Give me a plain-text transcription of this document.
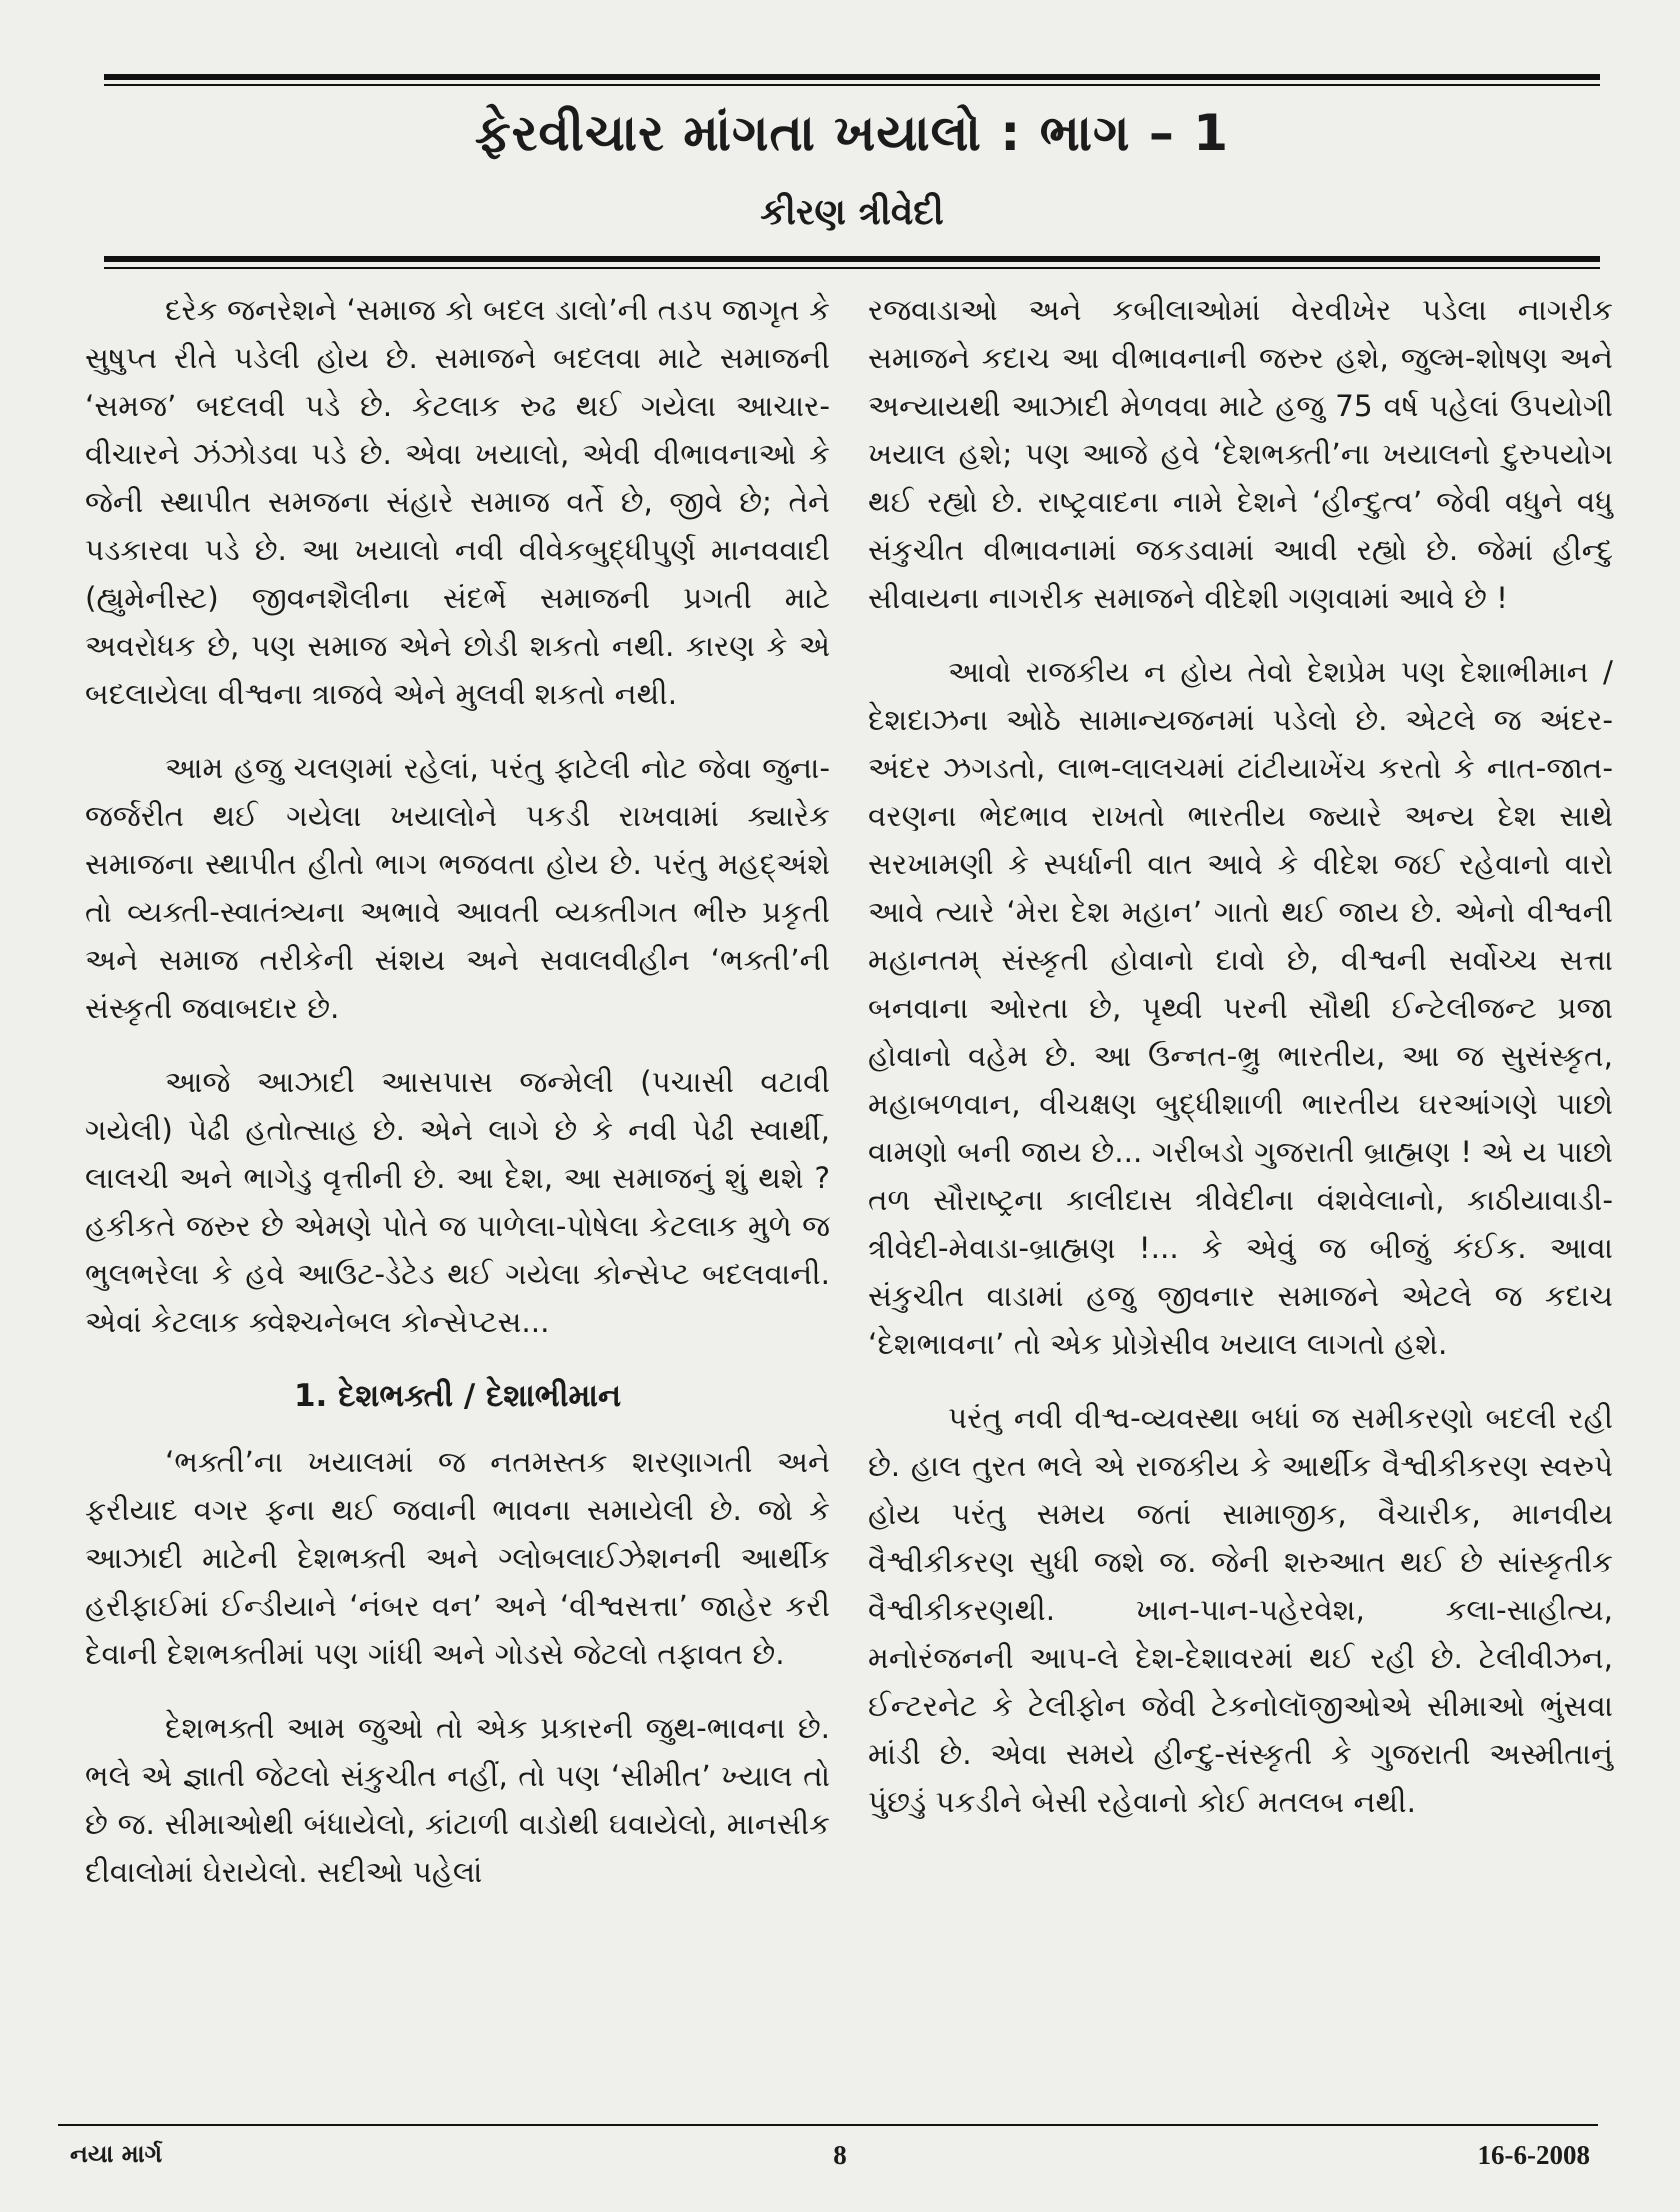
ફેરવીચાર માંગતા ખયાલો : ભાગ – 1
કીરણ ત્રીવેદી

દરેક જનરેશને ‘સમાજ કો બદલ ડાલો’ની તડપ જાગૃત કે સુષુપ્ત રીતે પડેલી હોય છે. સમાજને બદલવા માટે સમાજની ‘સમજ’ બદલવી પડે છે. કેટલાક રુઢ થઈ ગયેલા આચાર- વીચારને ઝંઝોડવા પડે છે. એવા ખયાલો, એવી વીભાવનાઓ કે જેની સ્થાપીત સમજના સંહારે સમાજ વર્તે છે, જીવે છે; તેને પડકારવા પડે છે. આ ખયાલો નવી વીવેકબુદ્ધીપુર્ણ માનવવાદી (હ્યુમેનીસ્ટ) જીવનશૈલીના સંદર્ભે સમાજની પ્રગતી માટે અવરોધક છે, પણ સમાજ એને છોડી શકતો નથી. કારણ કે એ બદલાયેલા વીશ્વના ત્રાજવે એને મુલવી શકતો નથી.

આમ હજુ ચલણમાં રહેલાં, પરંતુ ફાટેલી નોટ જેવા જુના-જર્જરીત થઈ ગયેલા ખયાલોને પકડી રાખવામાં ક્યારેક સમાજના સ્થાપીત હીતો ભાગ ભજવતા હોય છે. પરંતુ મહદ્અંશે તો વ્યક્તી-સ્વાતંત્ર્યના અભાવે આવતી વ્યક્તીગત ભીરુ પ્રકૃતી અને સમાજ તરીકેની સંશય અને સવાલવીહીન ‘ભક્તી’ની સંસ્કૃતી જવાબદાર છે.

આજે આઝાદી આસપાસ જન્મેલી (પચાસી વટાવી ગયેલી) પેઢી હતોત્સાહ છે. એને લાગે છે કે નવી પેઢી સ્વાર્થી, લાલચી અને ભાગેડુ વૃત્તીની છે. આ દેશ, આ સમાજનું શું થશે ? હકીકતે જરુર છે એમણે પોતે જ પાળેલા-પોષેલા કેટલાક મુળે જ ભુલભરેલા કે હવે આઉટ-ડેટેડ થઈ ગયેલા કોન્સેપ્ટ બદલવાની. એવાં કેટલાક ક્વેશ્ચનેબલ કોન્સેપ્ટસ...

1. દેશભક્તી / દેશાભીમાન

‘ભક્તી’ના ખયાલમાં જ નતમસ્તક શરણાગતી અને ફરીયાદ વગર ફના થઈ જવાની ભાવના સમાયેલી છે. જો કે આઝાદી માટેની દેશભક્તી અને ગ્લોબલાઈઝેશનની આર્થીક હરીફાઈમાં ઈન્ડીયાને ‘નંબર વન’ અને ‘વીશ્વસત્તા’ જાહેર કરી દેવાની દેશભક્તીમાં પણ ગાંધી અને ગોડસે જેટલો તફાવત છે.

દેશભક્તી આમ જુઓ તો એક પ્રકારની જુથ-ભાવના છે. ભલે એ જ્ઞાતી જેટલો સંકુચીત નહીં, તો પણ ‘સીમીત’ ખ્યાલ તો છે જ. સીમાઓથી બંધાયેલો, કાંટાળી વાડોથી ઘવાયેલો, માનસીક દીવાલોમાં ઘેરાયેલો. સદીઓ પહેલાં

રજવાડાઓ અને કબીલાઓમાં વેરવીખેર પડેલા નાગરીક સમાજને કદાચ આ વીભાવનાની જરુર હશે, જુલ્મ-શોષણ અને અન્યાયથી આઝાદી મેળવવા માટે હજુ 75 વર્ષ પહેલાં ઉપયોગી ખયાલ હશે; પણ આજે હવે ‘દેશભક્તી’ના ખયાલનો દુરુપયોગ થઈ રહ્યો છે. રાષ્ટ્રવાદના નામે દેશને ‘હીન્દુત્વ’ જેવી વધુને વધુ સંકુચીત વીભાવનામાં જકડવામાં આવી રહ્યો છે. જેમાં હીન્દુ સીવાયના નાગરીક સમાજને વીદેશી ગણવામાં આવે છે !

આવો રાજકીય ન હોય તેવો દેશપ્રેમ પણ દેશાભીમાન / દેશદાઝના ઓઠે સામાન્યજનમાં પડેલો છે. એટલે જ અંદર-અંદર ઝગડતો, લાભ-લાલચમાં ટાંટીયાખેંચ કરતો કે નાત-જાત-વરણના ભેદભાવ રાખતો ભારતીય જ્યારે અન્ય દેશ સાથે સરખામણી કે સ્પર્ધાની વાત આવે કે વીદેશ જઈ રહેવાનો વારો આવે ત્યારે ‘મેરા દેશ મહાન’ ગાતો થઈ જાય છે. એનો વીશ્વની મહાનતમ્ સંસ્કૃતી હોવાનો દાવો છે, વીશ્વની સર્વોચ્ચ સત્તા બનવાના ઓરતા છે, પૃથ્વી પરની સૌથી ઈન્ટેલીજન્ટ પ્રજા હોવાનો વહેમ છે. આ ઉન્નત-ભ્રુ ભારતીય, આ જ સુસંસ્કૃત, મહાબળવાન, વીચક્ષણ બુદ્ધીશાળી ભારતીય ઘરઆંગણે પાછો વામણો બની જાય છે... ગરીબડો ગુજરાતી બ્રાહ્મણ ! એ ય પાછો તળ સૌરાષ્ટ્રના કાલીદાસ ત્રીવેદીના વંશવેલાનો, કાઠીયાવાડી-ત્રીવેદી-મેવાડા-બ્રાહ્મણ !... કે એવું જ બીજું કંઈક. આવા સંકુચીત વાડામાં હજુ જીવનાર સમાજને એટલે જ કદાચ ‘દેશભાવના’ તો એક પ્રોગ્રેસીવ ખયાલ લાગતો હશે.

પરંતુ નવી વીશ્વ-વ્યવસ્થા બધાં જ સમીકરણો બદલી રહી છે. હાલ તુરત ભલે એ રાજકીય કે આર્થીક વૈશ્વીકીકરણ સ્વરુપે હોય પરંતુ સમય જતાં સામાજીક, વૈચારીક, માનવીય વૈશ્વીકીકરણ સુધી જશે જ. જેની શરુઆત થઈ છે સાંસ્કૃતીક વૈશ્વીકીકરણથી. ખાન-પાન-પહેરવેશ, કલા-સાહીત્ય, મનોરંજનની આપ-લે દેશ-દેશાવરમાં થઈ રહી છે. ટેલીવીઝન, ઈન્ટરનેટ કે ટેલીફોન જેવી ટેકનોલૉજીઓએ સીમાઓ ભુંસવા માંડી છે. એવા સમયે હીન્દુ-સંસ્કૃતી કે ગુજરાતી અસ્મીતાનું પુંછડું પકડીને બેસી રહેવાનો કોઈ મતલબ નથી.

નયા માર્ગ	8	16-6-2008
